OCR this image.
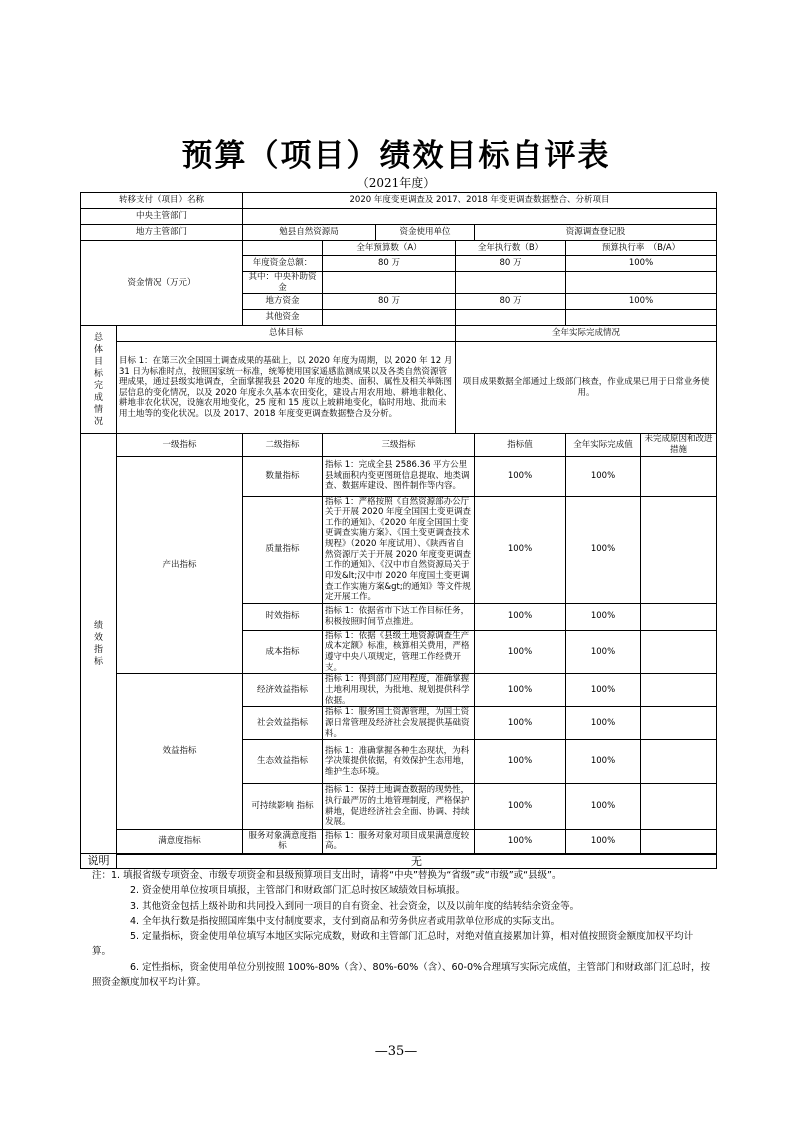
预算（项目）绩效目标自评表
（2021年度）
转移支付（项目）名称		2020 年度变更调查及 2017、2018 年变更调查数据整合、分析项目						
中央主管部门								
地方主管部门		勉县自然资源局		资金使用单位		资源调查登记股		
资金情况（万元）			全年预算数（A）		全年执行数（B）		预算执行率　（B/A）	
		年度资金总额：	80 万		80 万		100%	
		其中：中央补助资金						
		地方资金	80 万		80 万		100%	
		其他资金						
总体目标完成情况	总体目标				全年实际完成情况			
	目标 1：在第三次全国国土调查成果的基础上，以 2020 年度为周期，以 2020 年 12 月 31 日为标准时点，按照国家统一标准，统筹使用国家遥感监测成果以及各类自然资源管理成果，通过县级实地调查，全面掌握我县 2020 年度的地类、面积、属性及相关举陈图层信息的变化情况，以及 2020 年度永久基本农田变化，建设占用农用地、耕地非粮化、耕地非农化状况，设施农用地变化，25 度和 15 度以上坡耕地变化，临时用地、批而未用土地等的变化状况。以及 2017、2018 年度变更调查数据整合及分析。				项目成果数据全部通过上级部门核查，作业成果已用于日常业务使用。			
绩效指标	一级指标	二级指标	三级指标			指标值	全年实际完成值	未完成原因和改进措施
	产出指标	数量指标	指标 1：完成全县 2586.36 平方公里县域面积内变更图斑信息提取、地类调查、数据库建设、图件制作等内容。			100%	100%	
		质量指标	指标 1：严格按照《自然资源部办公厅关于开展 2020 年度全国国土变更调查工作的通知》、《2020 年度全国国土变更调查实施方案》、《国土变更调查技术规程》（2020 年度试用）、《陕西省自然资源厅关于开展 2020 年度变更调查工作的通知》、《汉中市自然资源局关于印发&lt;汉中市 2020 年度国土变更调查工作实施方案&gt;的通知》等文件规定开展工作。			100%	100%	
		时效指标	指标 1：依据省市下达工作目标任务，积极按照时间节点推进。			100%	100%	
		成本指标	指标 1：依据《县级土地资源调查生产成本定额》标准，核算相关费用，严格遵守中央八项规定，管理工作经费开支。			100%	100%	
	效益指标	经济效益指标	指标 1：得到部门应用程度，准确掌握土地利用现状，为批地、规划提供科学依据。			100%	100%	
		社会效益指标	指标 1：服务国土资源管理，为国土资源日常管理及经济社会发展提供基础资料。			100%	100%	
		生态效益指标	指标 1：准确掌握各种生态现状，为科学决策提供依据，有效保护生态用地，维护生态环境。			100%	100%	
		可持续影响 指标	指标 1：保持土地调查数据的现势性，执行最严厉的土地管理制度，严格保护耕地，促进经济社会全面、协调、持续发展。			100%	100%	
	满意度指标	服务对象满意度指标	指标 1：服务对象对项目成果满意度较高。			100%	100%	
说明	无							

注：1. 填报省级专项资金、市级专项资金和县级预算项目支出时，请将“中央”替换为“省级”或“市级”或“县级”。

2. 资金使用单位按项目填报，主管部门和财政部门汇总时按区域绩效目标填报。

3. 其他资金包括上级补助和共同投入到同一项目的自有资金、社会资金，以及以前年度的结转结余资金等。

4. 全年执行数是指按照国库集中支付制度要求，支付到商品和劳务供应者或用款单位形成的实际支出。

5. 定量指标，资金使用单位填写本地区实际完成数，财政和主管部门汇总时，对绝对值直接累加计算，相对值按照资金额度加权平均计算。

6. 定性指标，资金使用单位分别按照 100%-80%（含）、80%-60%（含）、60-0%合理填写实际完成值，主管部门和财政部门汇总时，按照资金额度加权平均计算。

—35—
